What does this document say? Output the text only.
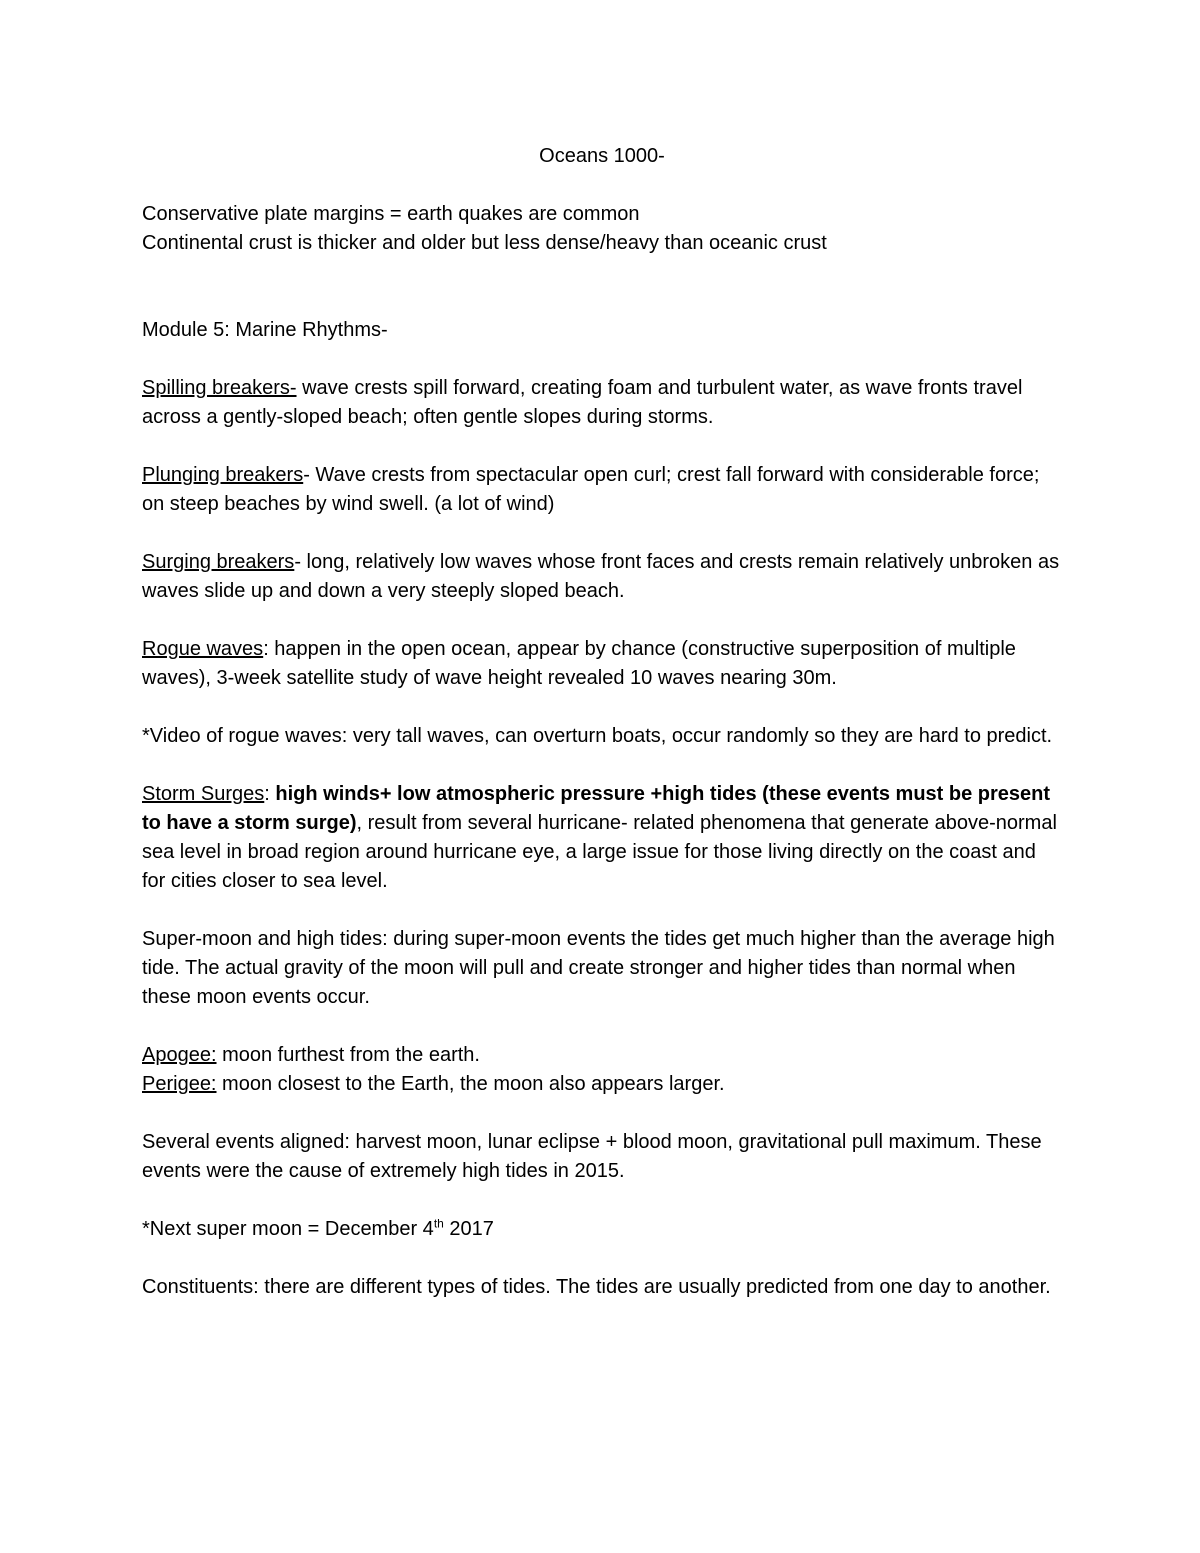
Oceans 1000-

Conservative plate margins = earth quakes are common

Continental crust is thicker and older but less dense/heavy than oceanic crust

Module 5: Marine Rhythms-

Spilling breakers- wave crests spill forward, creating foam and turbulent water, as wave fronts travel across a gently-sloped beach; often gentle slopes during storms.

Plunging breakers- Wave crests from spectacular open curl; crest fall forward with considerable force; on steep beaches by wind swell. (a lot of wind)

Surging breakers- long, relatively low waves whose front faces and crests remain relatively unbroken as waves slide up and down a very steeply sloped beach.

Rogue waves: happen in the open ocean, appear by chance (constructive superposition of multiple waves), 3-week satellite study of wave height revealed 10 waves nearing 30m.

*Video of rogue waves: very tall waves, can overturn boats, occur randomly so they are hard to predict.

Storm Surges: high winds+ low atmospheric pressure +high tides (these events must be present to have a storm surge), result from several hurricane- related phenomena that generate above-normal sea level in broad region around hurricane eye, a large issue for those living directly on the coast and for cities closer to sea level.

Super-moon and high tides: during super-moon events the tides get much higher than the average high tide. The actual gravity of the moon will pull and create stronger and higher tides than normal when these moon events occur.

Apogee: moon furthest from the earth.

Perigee: moon closest to the Earth, the moon also appears larger.

Several events aligned: harvest moon, lunar eclipse + blood moon, gravitational pull maximum. These events were the cause of extremely high tides in 2015.

*Next super moon = December 4th 2017

Constituents: there are different types of tides. The tides are usually predicted from one day to another.
